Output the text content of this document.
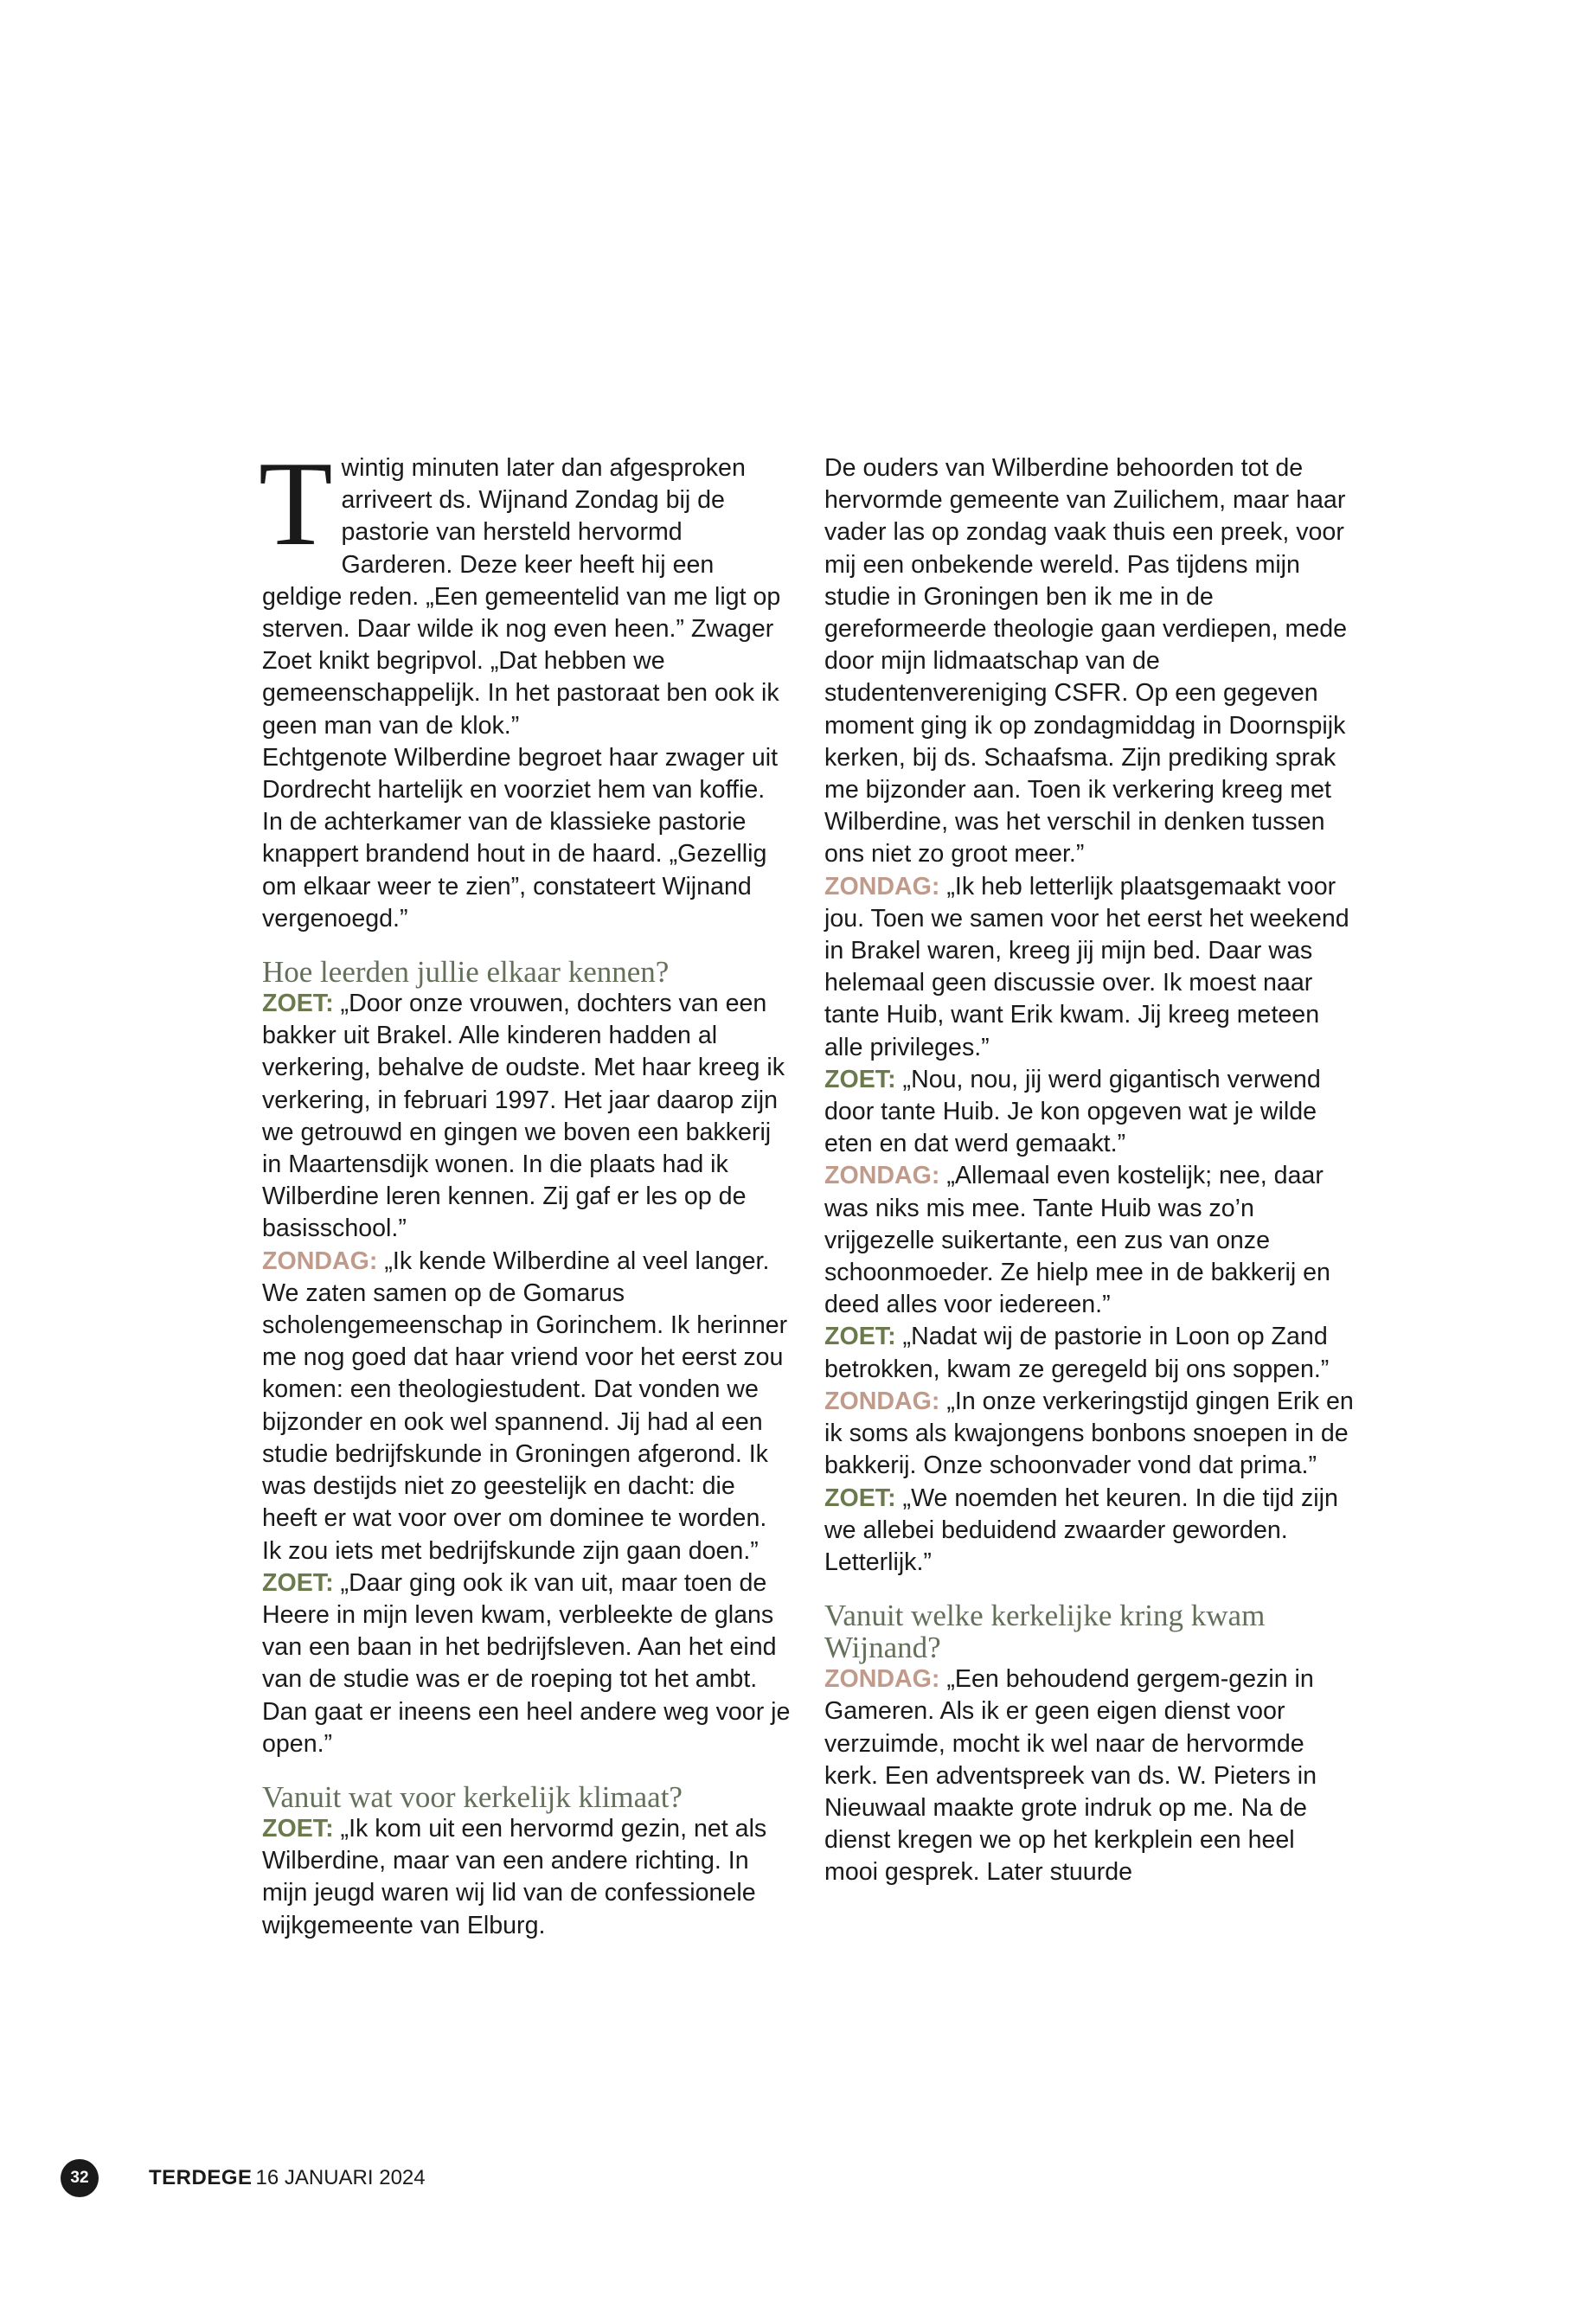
Twintig minuten later dan afgesproken arriveert ds. Wijnand Zondag bij de pastorie van hersteld hervormd Garderen. Deze keer heeft hij een geldige reden. „Een gemeentelid van me ligt op sterven. Daar wilde ik nog even heen.” Zwager Zoet knikt begripvol. „Dat hebben we gemeenschappelijk. In het pastoraat ben ook ik geen man van de klok.”

Echtgenote Wilberdine begroet haar zwager uit Dordrecht hartelijk en voorziet hem van koffie. In de achterkamer van de klassieke pastorie knappert brandend hout in de haard. „Gezellig om elkaar weer te zien”, constateert Wijnand vergenoegd.”

Hoe leerden jullie elkaar kennen?

ZOET: „Door onze vrouwen, dochters van een bakker uit Brakel. Alle kinderen hadden al verkering, behalve de oudste. Met haar kreeg ik verkering, in februari 1997. Het jaar daarop zijn we getrouwd en gingen we boven een bakkerij in Maartensdijk wonen. In die plaats had ik Wilberdine leren kennen. Zij gaf er les op de basisschool.”

ZONDAG: „Ik kende Wilberdine al veel langer. We zaten samen op de Gomarus scholengemeenschap in Gorinchem. Ik herinner me nog goed dat haar vriend voor het eerst zou komen: een theologiestudent. Dat vonden we bijzonder en ook wel spannend. Jij had al een studie bedrijfskunde in Groningen afgerond. Ik was destijds niet zo geestelijk en dacht: die heeft er wat voor over om dominee te worden. Ik zou iets met bedrijfskunde zijn gaan doen.”

ZOET: „Daar ging ook ik van uit, maar toen de Heere in mijn leven kwam, verbleekte de glans van een baan in het bedrijfsleven. Aan het eind van de studie was er de roeping tot het ambt. Dan gaat er ineens een heel andere weg voor je open.”

Vanuit wat voor kerkelijk klimaat?

ZOET: „Ik kom uit een hervormd gezin, net als Wilberdine, maar van een andere richting. In mijn jeugd waren wij lid van de confessionele wijkgemeente van Elburg.

De ouders van Wilberdine behoorden tot de hervormde gemeente van Zuilichem, maar haar vader las op zondag vaak thuis een preek, voor mij een onbekende wereld. Pas tijdens mijn studie in Groningen ben ik me in de gereformeerde theologie gaan verdiepen, mede door mijn lidmaatschap van de studentenvereniging CSFR. Op een gegeven moment ging ik op zondagmiddag in Doornspijk kerken, bij ds. Schaafsma. Zijn prediking sprak me bijzonder aan. Toen ik verkering kreeg met Wilberdine, was het verschil in denken tussen ons niet zo groot meer.”

ZONDAG: „Ik heb letterlijk plaatsgemaakt voor jou. Toen we samen voor het eerst het weekend in Brakel waren, kreeg jij mijn bed. Daar was helemaal geen discussie over. Ik moest naar tante Huib, want Erik kwam. Jij kreeg meteen alle privileges.”

ZOET: „Nou, nou, jij werd gigantisch verwend door tante Huib. Je kon opgeven wat je wilde eten en dat werd gemaakt.”

ZONDAG: „Allemaal even kostelijk; nee, daar was niks mis mee. Tante Huib was zo’n vrijgezelle suikertante, een zus van onze schoonmoeder. Ze hielp mee in de bakkerij en deed alles voor iedereen.”

ZOET: „Nadat wij de pastorie in Loon op Zand betrokken, kwam ze geregeld bij ons soppen.”

ZONDAG: „In onze verkeringstijd gingen Erik en ik soms als kwajongens bonbons snoepen in de bakkerij. Onze schoonvader vond dat prima.”

ZOET: „We noemden het keuren. In die tijd zijn we allebei beduidend zwaarder geworden. Letterlijk.”

Vanuit welke kerkelijke kring kwam Wijnand?

ZONDAG: „Een behoudend gergem-gezin in Gameren. Als ik er geen eigen dienst voor verzuimde, mocht ik wel naar de hervormde kerk. Een adventspreek van ds. W. Pieters in Nieuwaal maakte grote indruk op me. Na de dienst kregen we op het kerkplein een heel mooi gesprek. Later stuurde

32	TERDEGE 16 JANUARI 2024
